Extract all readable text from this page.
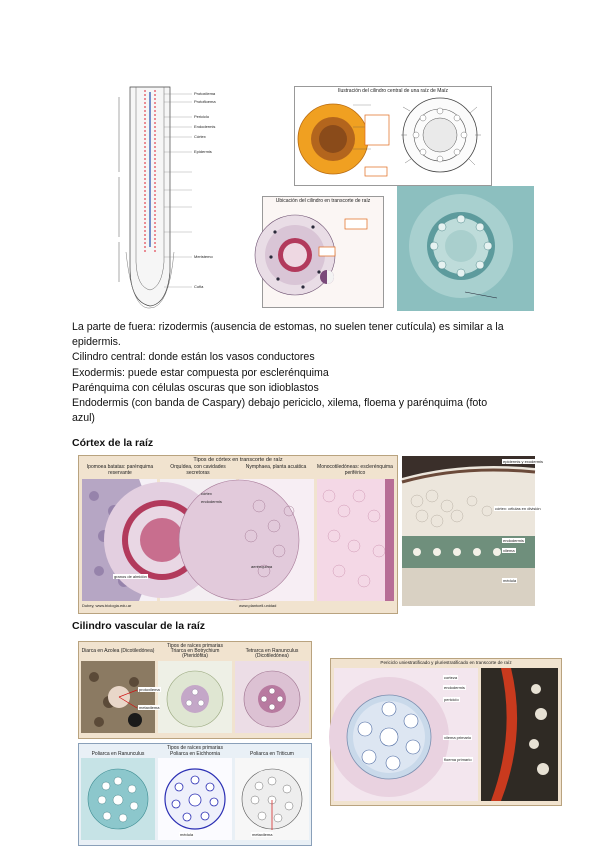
Protoxilema
Protofloema
Periciclo
Endodermis
Córtex
Epidermis
Meristemo
Cofia
Ilustración del cilindro central de una raíz de Maíz
Ubicación del cilindro en transcorte de raíz
La parte de fuera: rizodermis (ausencia de estomas, no suelen tener cutícula) es similar a la
epidermis.
Cilindro central: donde están los vasos conductores
Exodermis: puede estar compuesta por esclerénquima
Parénquima con células oscuras que son idioblastos
Endodermis (con banda de Caspary) debajo periciclo, xilema, floema y parénquima (foto
azul)
Córtex de la raíz
Tipos de córtex en transcorte de raíz
Ipomoea batatas: parénquima reservante
Orquídea, con cavidades secretoras
Nymphaea, planta acuática	Monocotiledóneas: esclerénquima periférico
granos de almidón
córtex
endodermis
aerénquima
Dubey, www.biologia.edu.ar	www.plantcell.unidad
epidermis y exodermis
córtex: células en división
endodermis
xilema
médula
Cilindro vascular de la raíz
Tipos de raíces primarias
Diarca en Azolea (Dicotiledónea)	Triarca en Botrychium (Pteridófita)
Tetrarca en Ranunculus (Dicotiledónea)
protoxilema
metaxilema
Tipos de raíces primarias
Poliarca en Ranunculus	Poliarca en Eichhornia	Poliarca en Triticum
médula	metaxilema
Periciclo uniestratificado y pluriestratificado en transcorte de raíz
corteza
endodermis
periciclo
xilema primario
floema primario
